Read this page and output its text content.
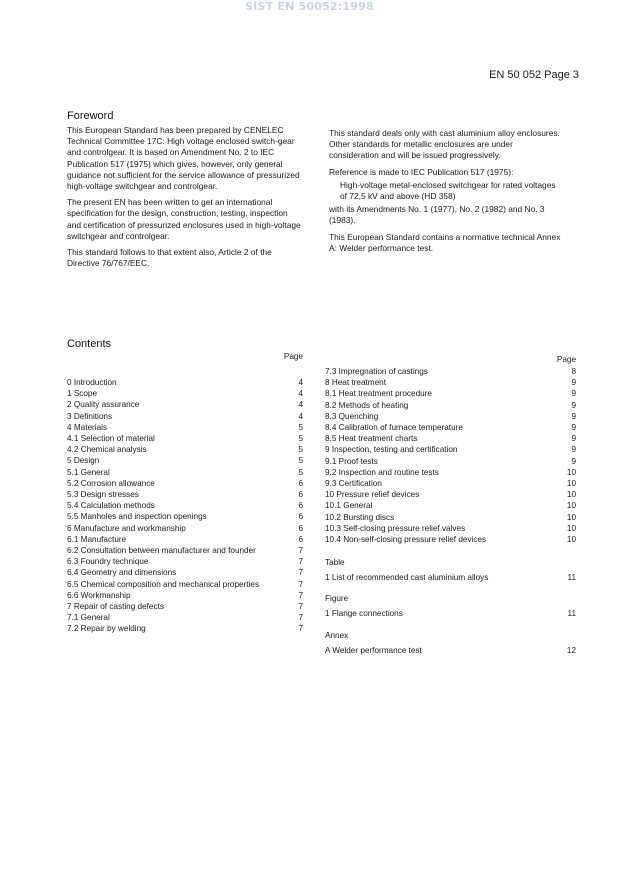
SIST EN 50052:1998
EN 50 052 Page 3
Foreword

This European Standard has been prepared by CENELEC Technical Committee 17C: High voltage enclosed switch-gear and controlgear. It is based on Amendment No. 2 to IEC Publication 517 (1975) which gives, however, only general guidance not sufficient for the service allowance of pressurized high-voltage switchgear and controlgear.

The present EN has been written to get an international specification for the design, construction, testing, inspection and certification of pressurized enclosures used in high-voltage switchgear and controlgear.

This standard follows to that extent also, Article 2 of the Directive 76/767/EEC.

This standard deals only with cast aluminium alloy enclosures. Other standards for metallic enclosures are under consideration and will be issued progressively.

Reference is made to IEC Publication 517 (1975):

High-voltage metal-enclosed switchgear for rated voltages of 72,5 kV and above (HD 358)

with its Amendments No. 1 (1977), No. 2 (1982) and No. 3 (1983).

This European Standard contains a normative technical Annex A: Welder performance test.

Contents
Page
0 Introduction	4
1 Scope	4
2 Quality assurance	4
3 Definitions	4
4 Materials	5
4.1 Selection of material	5
4.2 Chemical analysis	5
5 Design	5
5.1 General	5
5.2 Corrosion allowance	6
5.3 Design stresses	6
5.4 Calculation methods	6
5.5 Manholes and inspection openings	6
6 Manufacture and workmanship	6
6.1 Manufacture	6
6.2 Consultation between manufacturer and founder	7
6.3 Foundry technique	7
6.4 Geometry and dimensions	7
6.5 Chemical composition and mechanical properties	7
6.6 Workmanship	7
7 Repair of casting defects	7
7.1 General	7
7.2 Repair by welding	7
Page
7.3 Impregnation of castings	8
8 Heat treatment	9
8.1 Heat treatment procedure	9
8.2 Methods of heating	9
8.3 Quenching	9
8.4 Calibration of furnace temperature	9
8.5 Heat treatment charts	9
9 Inspection, testing and certification	9
9.1 Proof tests	9
9.2 Inspection and routine tests	10
9.3 Certification	10
10 Pressure relief devices	10
10.1 General	10
10.2 Bursting discs	10
10.3 Self-closing pressure relief valves	10
10.4 Non-self-closing pressure relief devices	10
Table
1 List of recommended cast aluminium alloys	11
Figure
1 Flange connections	11
Annex
A Welder performance test	12
